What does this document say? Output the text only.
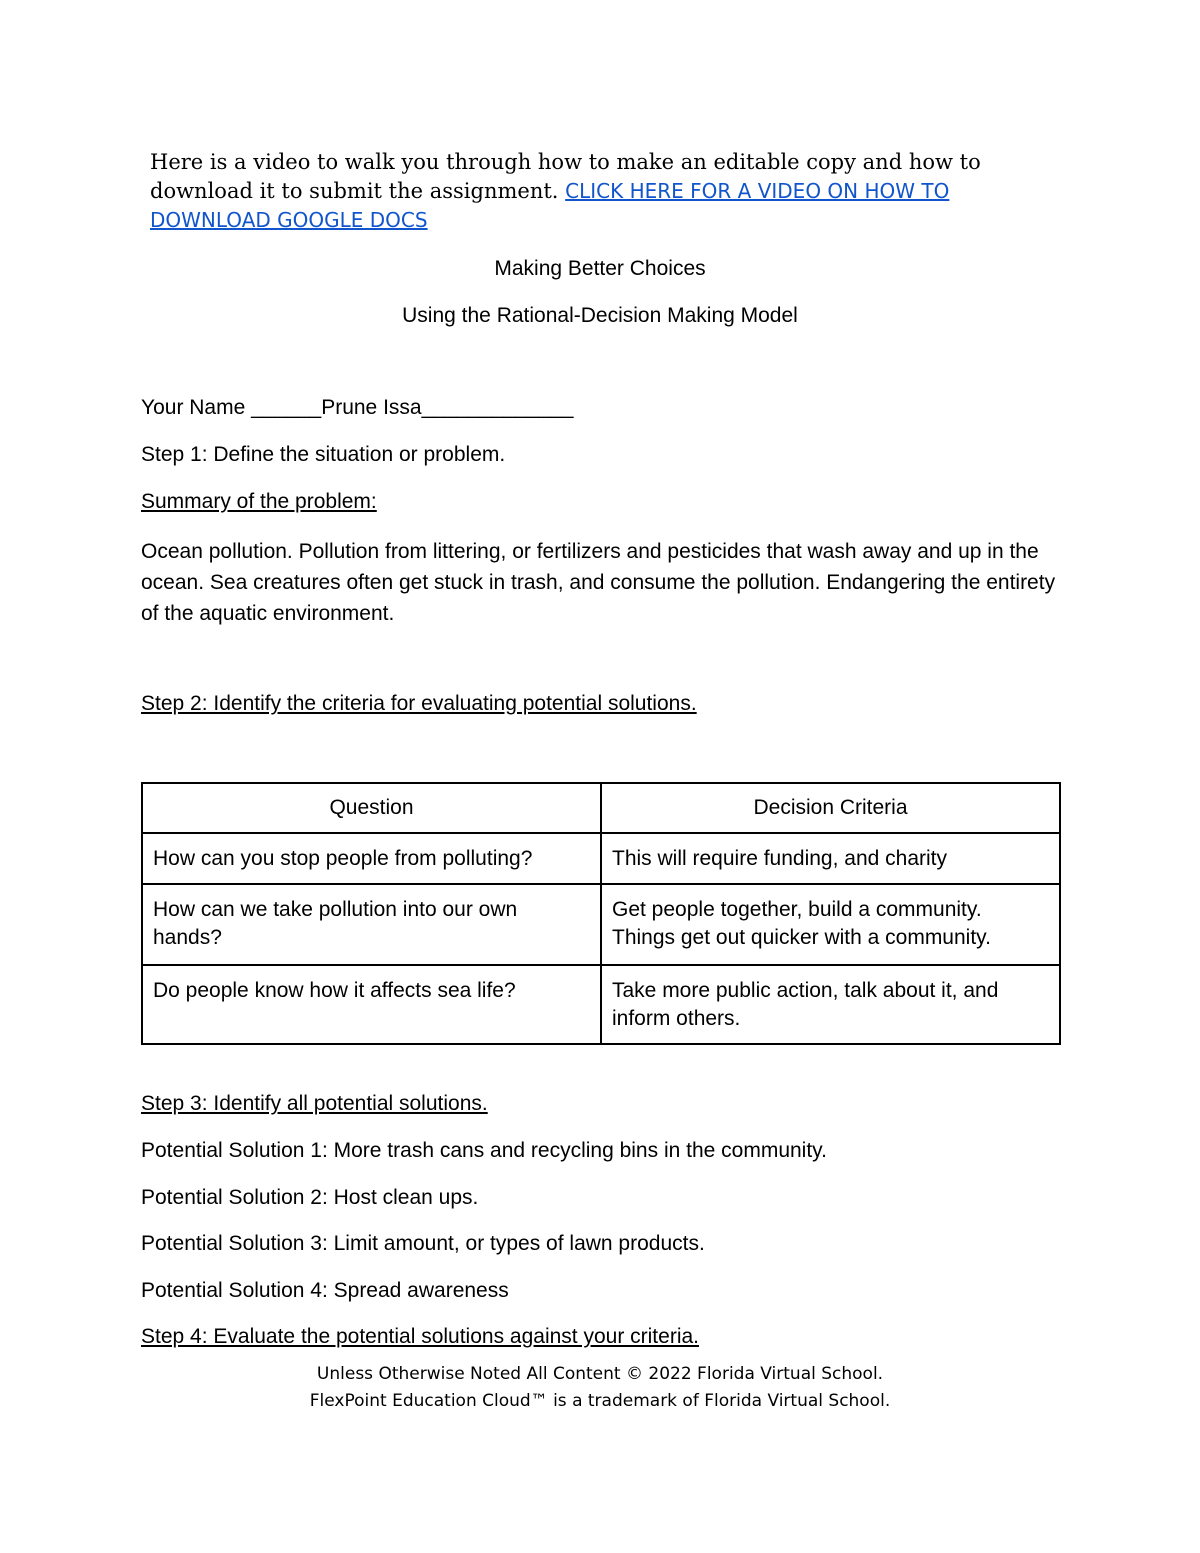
Here is a video to walk you through how to make an editable copy and how to download it to submit the assignment. CLICK HERE FOR A VIDEO ON HOW TO DOWNLOAD GOOGLE DOCS
Making Better Choices
Using the Rational-Decision Making Model
Your Name ______Prune Issa_____________
Step 1: Define the situation or problem.
Summary of the problem:
Ocean pollution. Pollution from littering, or fertilizers and pesticides that wash away and up in the ocean. Sea creatures often get stuck in trash, and consume the pollution. Endangering the entirety of the aquatic environment.
Step 2: Identify the criteria for evaluating potential solutions.
Question	Decision Criteria
How can you stop people from polluting?	This will require funding, and charity
How can we take pollution into our own hands?	Get people together, build a community. Things get out quicker with a community.
Do people know how it affects sea life?	Take more public action, talk about it, and inform others.
Step 3: Identify all potential solutions.
Potential Solution 1: More trash cans and recycling bins in the community.
Potential Solution 2: Host clean ups.
Potential Solution 3: Limit amount, or types of lawn products.
Potential Solution 4: Spread awareness
Step 4: Evaluate the potential solutions against your criteria.
Unless Otherwise Noted All Content © 2022 Florida Virtual School.
FlexPoint Education Cloud™ is a trademark of Florida Virtual School.
